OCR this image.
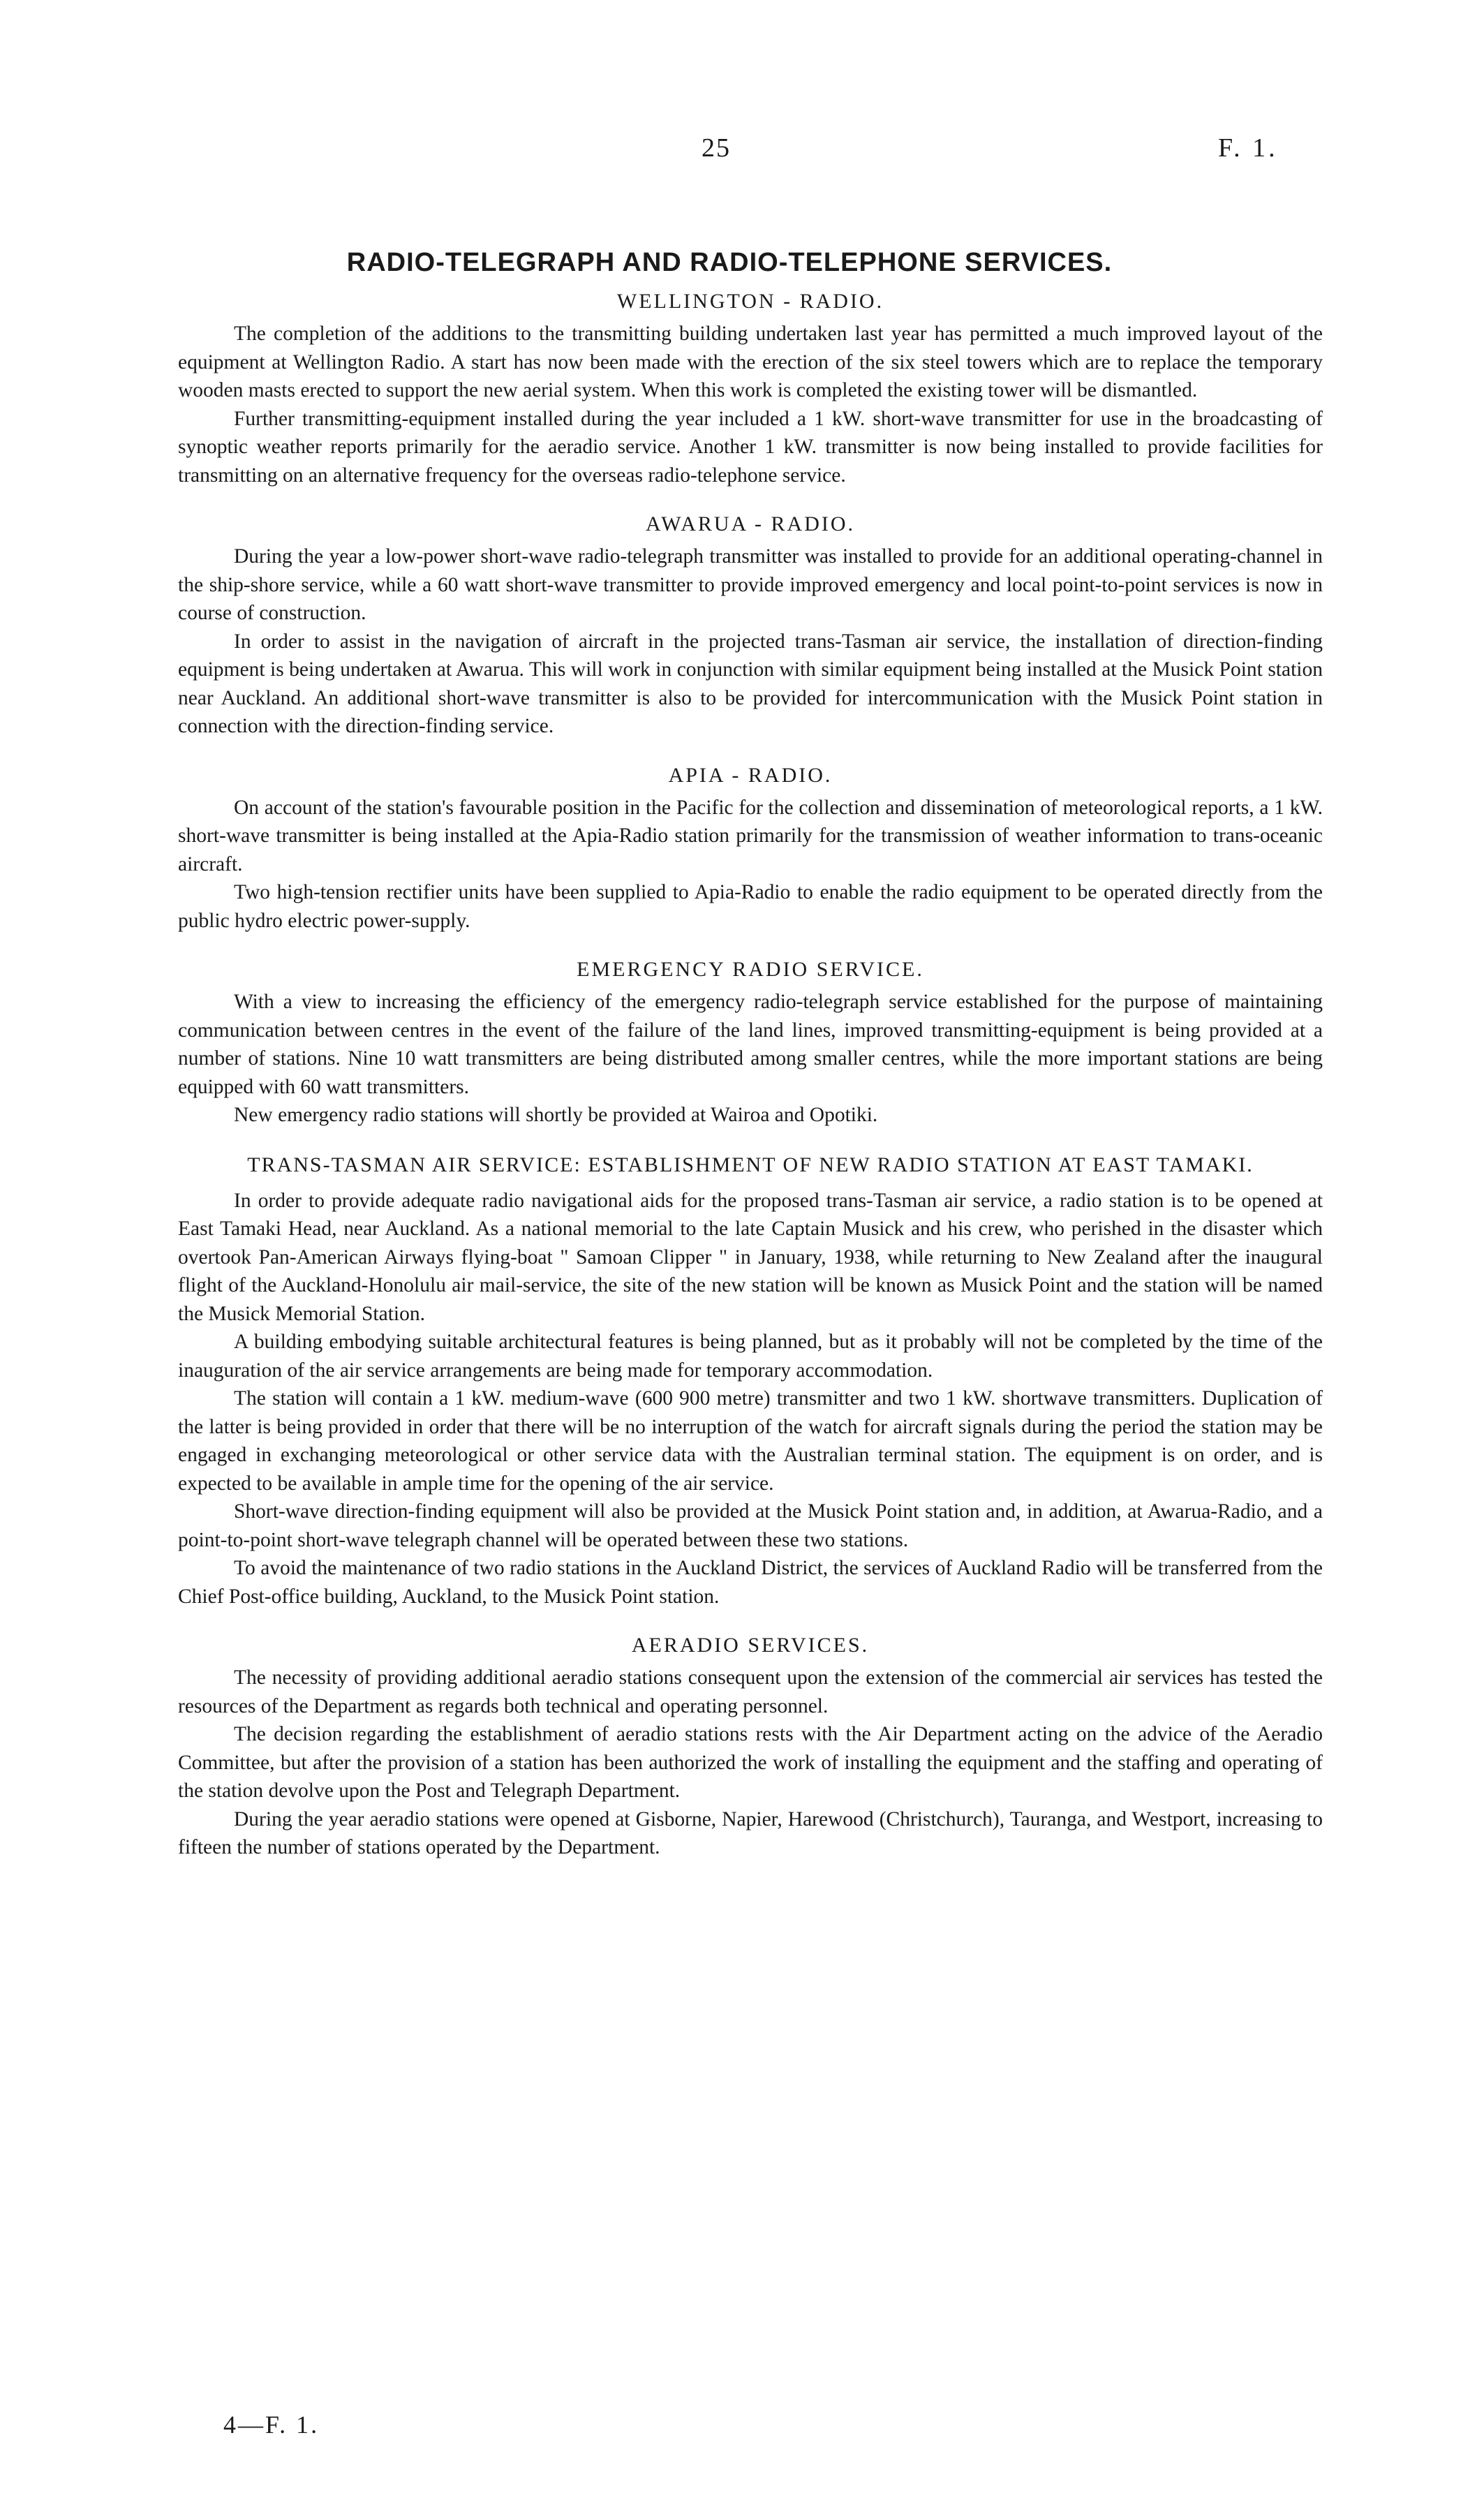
25	F. 1.
RADIO-TELEGRAPH AND RADIO-TELEPHONE SERVICES.
WELLINGTON - RADIO.

The completion of the additions to the transmitting building undertaken last year has permitted a much improved layout of the equipment at Wellington Radio. A start has now been made with the erection of the six steel towers which are to replace the temporary wooden masts erected to support the new aerial system. When this work is completed the existing tower will be dismantled.

Further transmitting-equipment installed during the year included a 1 kW. short-wave transmitter for use in the broadcasting of synoptic weather reports primarily for the aeradio service. Another 1 kW. transmitter is now being installed to provide facilities for transmitting on an alternative frequency for the overseas radio-telephone service.

AWARUA - RADIO.

During the year a low-power short-wave radio-telegraph transmitter was installed to provide for an additional operating-channel in the ship-shore service, while a 60 watt short-wave transmitter to provide improved emergency and local point-to-point services is now in course of construction.

In order to assist in the navigation of aircraft in the projected trans-Tasman air service, the installation of direction-finding equipment is being undertaken at Awarua. This will work in conjunction with similar equipment being installed at the Musick Point station near Auckland. An additional short-wave transmitter is also to be provided for intercommunication with the Musick Point station in connection with the direction-finding service.

APIA - RADIO.

On account of the station's favourable position in the Pacific for the collection and dissemination of meteorological reports, a 1 kW. short-wave transmitter is being installed at the Apia-Radio station primarily for the transmission of weather information to trans-oceanic aircraft.

Two high-tension rectifier units have been supplied to Apia-Radio to enable the radio equipment to be operated directly from the public hydro electric power-supply.

EMERGENCY RADIO SERVICE.

With a view to increasing the efficiency of the emergency radio-telegraph service established for the purpose of maintaining communication between centres in the event of the failure of the land lines, improved transmitting-equipment is being provided at a number of stations. Nine 10 watt transmitters are being distributed among smaller centres, while the more important stations are being equipped with 60 watt transmitters.

New emergency radio stations will shortly be provided at Wairoa and Opotiki.

TRANS-TASMAN AIR SERVICE: ESTABLISHMENT OF NEW RADIO STATION AT EAST TAMAKI.

In order to provide adequate radio navigational aids for the proposed trans-Tasman air service, a radio station is to be opened at East Tamaki Head, near Auckland. As a national memorial to the late Captain Musick and his crew, who perished in the disaster which overtook Pan-American Airways flying-boat " Samoan Clipper " in January, 1938, while returning to New Zealand after the inaugural flight of the Auckland-Honolulu air mail-service, the site of the new station will be known as Musick Point and the station will be named the Musick Memorial Station.

A building embodying suitable architectural features is being planned, but as it probably will not be completed by the time of the inauguration of the air service arrangements are being made for temporary accommodation.

The station will contain a 1 kW. medium-wave (600 900 metre) transmitter and two 1 kW. shortwave transmitters. Duplication of the latter is being provided in order that there will be no interruption of the watch for aircraft signals during the period the station may be engaged in exchanging meteorological or other service data with the Australian terminal station. The equipment is on order, and is expected to be available in ample time for the opening of the air service.

Short-wave direction-finding equipment will also be provided at the Musick Point station and, in addition, at Awarua-Radio, and a point-to-point short-wave telegraph channel will be operated between these two stations.

To avoid the maintenance of two radio stations in the Auckland District, the services of Auckland Radio will be transferred from the Chief Post-office building, Auckland, to the Musick Point station.

AERADIO SERVICES.

The necessity of providing additional aeradio stations consequent upon the extension of the commercial air services has tested the resources of the Department as regards both technical and operating personnel.

The decision regarding the establishment of aeradio stations rests with the Air Department acting on the advice of the Aeradio Committee, but after the provision of a station has been authorized the work of installing the equipment and the staffing and operating of the station devolve upon the Post and Telegraph Department.

During the year aeradio stations were opened at Gisborne, Napier, Harewood (Christchurch), Tauranga, and Westport, increasing to fifteen the number of stations operated by the Department.

4—F. 1.
